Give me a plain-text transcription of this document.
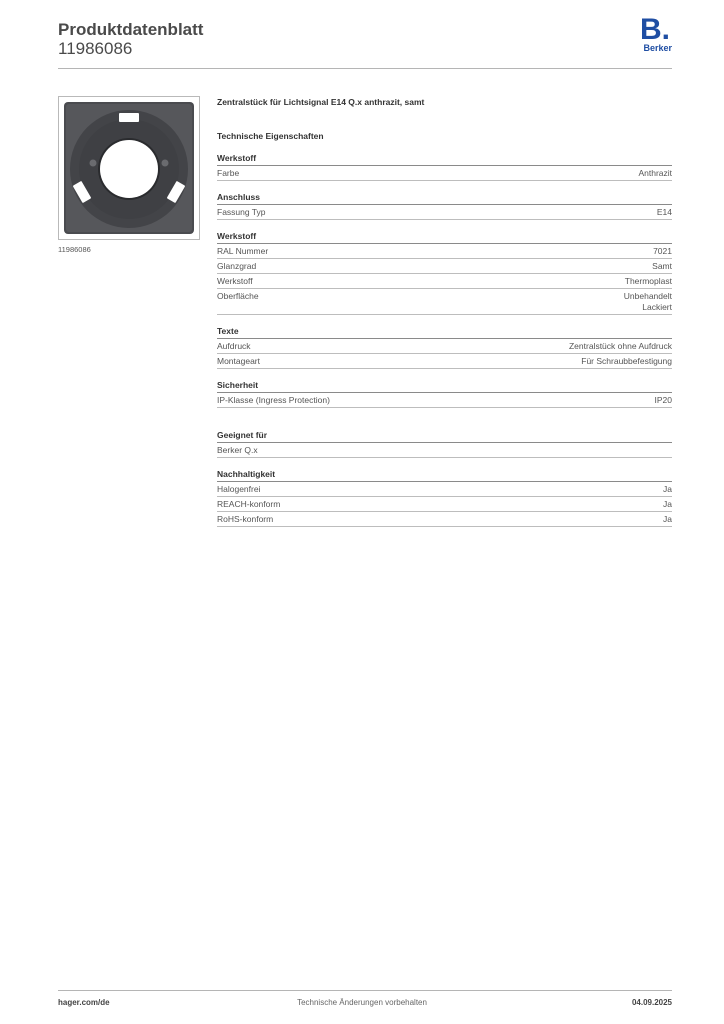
Produktdatenblatt
11986086
B.
Berker
11986086
Zentralstück für Lichtsignal E14 Q.x anthrazit, samt
Technische Eigenschaften
Werkstoff
Farbe	Anthrazit
Anschluss
Fassung Typ	E14
Werkstoff
RAL Nummer	7021
Glanzgrad	Samt
Werkstoff	Thermoplast
Oberfläche	Unbehandelt
Lackiert
Texte
Aufdruck	Zentralstück ohne Aufdruck
Montageart	Für Schraubbefestigung
Sicherheit
IP-Klasse (Ingress Protection)	IP20
Geeignet für
Berker Q.x
Nachhaltigkeit
Halogenfrei	Ja
REACH-konform	Ja
RoHS-konform	Ja
hager.com/de	Technische Änderungen vorbehalten	04.09.2025
